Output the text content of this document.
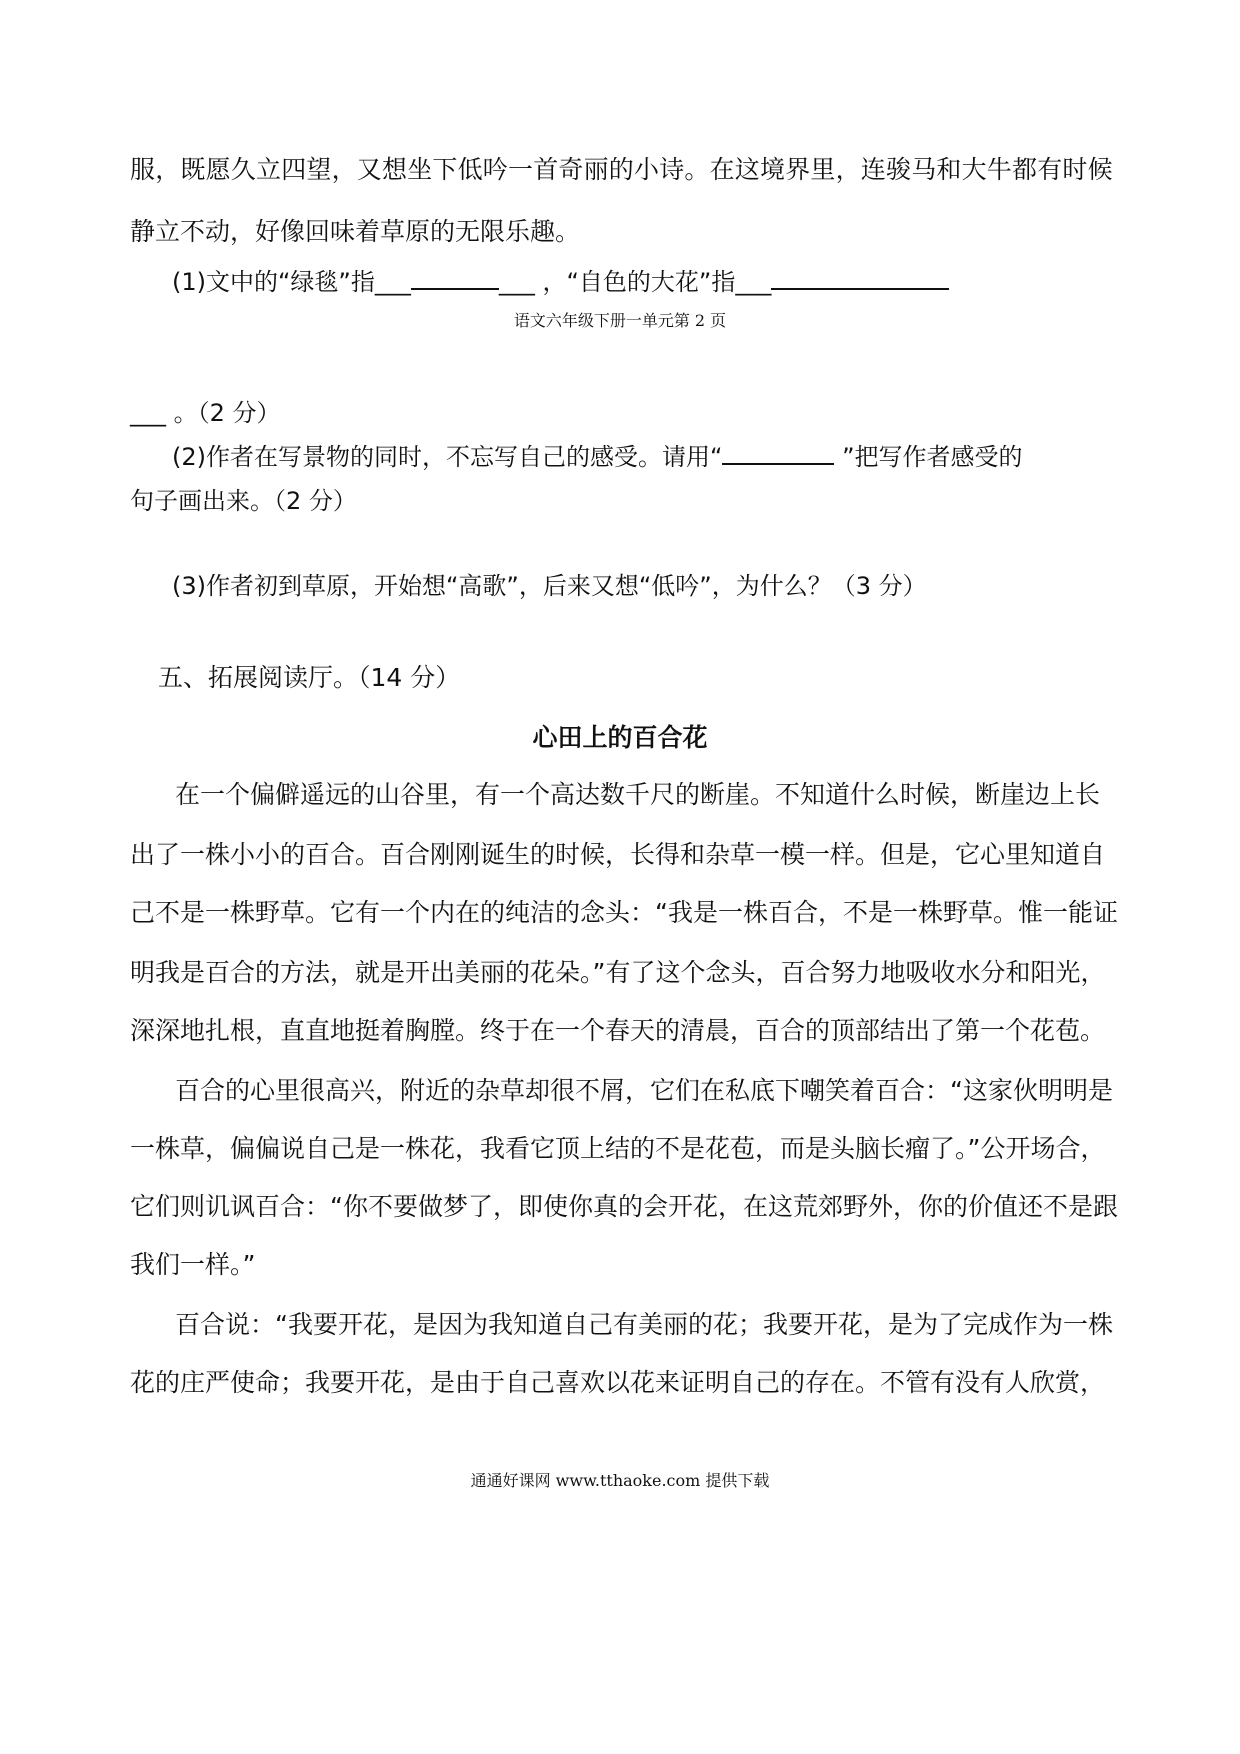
服，既愿久立四望，又想坐下低吟一首奇丽的小诗。在这境界里，连骏马和大牛都有时候
静立不动，好像回味着草原的无限乐趣。
(1)文中的“绿毯”指___	___ ，“自色的大花”指___
语文六年级下册一单元第 2 页
___ 。（2 分）
(2)作者在写景物的同时，不忘写自己的感受。请用“	”把写作者感受的
句子画出来。（2 分）
(3)作者初到草原，开始想“高歌”，后来又想“低吟”，为什么？（3 分）
五、拓展阅读厅。（14 分）
心田上的百合花
在一个偏僻遥远的山谷里，有一个高达数千尺的断崖。不知道什么时候，断崖边上长
出了一株小小的百合。百合刚刚诞生的时候，长得和杂草一模一样。但是，它心里知道自
己不是一株野草。它有一个内在的纯洁的念头：“我是一株百合，不是一株野草。惟一能证
明我是百合的方法，就是开出美丽的花朵。”有了这个念头，百合努力地吸收水分和阳光，
深深地扎根，直直地挺着胸膛。终于在一个春天的清晨，百合的顶部结出了第一个花苞。
百合的心里很高兴，附近的杂草却很不屑，它们在私底下嘲笑着百合：“这家伙明明是
一株草，偏偏说自己是一株花，我看它顶上结的不是花苞，而是头脑长瘤了。”公开场合，
它们则讥讽百合：“你不要做梦了，即使你真的会开花，在这荒郊野外，你的价值还不是跟
我们一样。”
百合说：“我要开花，是因为我知道自己有美丽的花；我要开花，是为了完成作为一株
花的庄严使命；我要开花，是由于自己喜欢以花来证明自己的存在。不管有没有人欣赏，
通通好课网 www.tthaoke.com 提供下载
